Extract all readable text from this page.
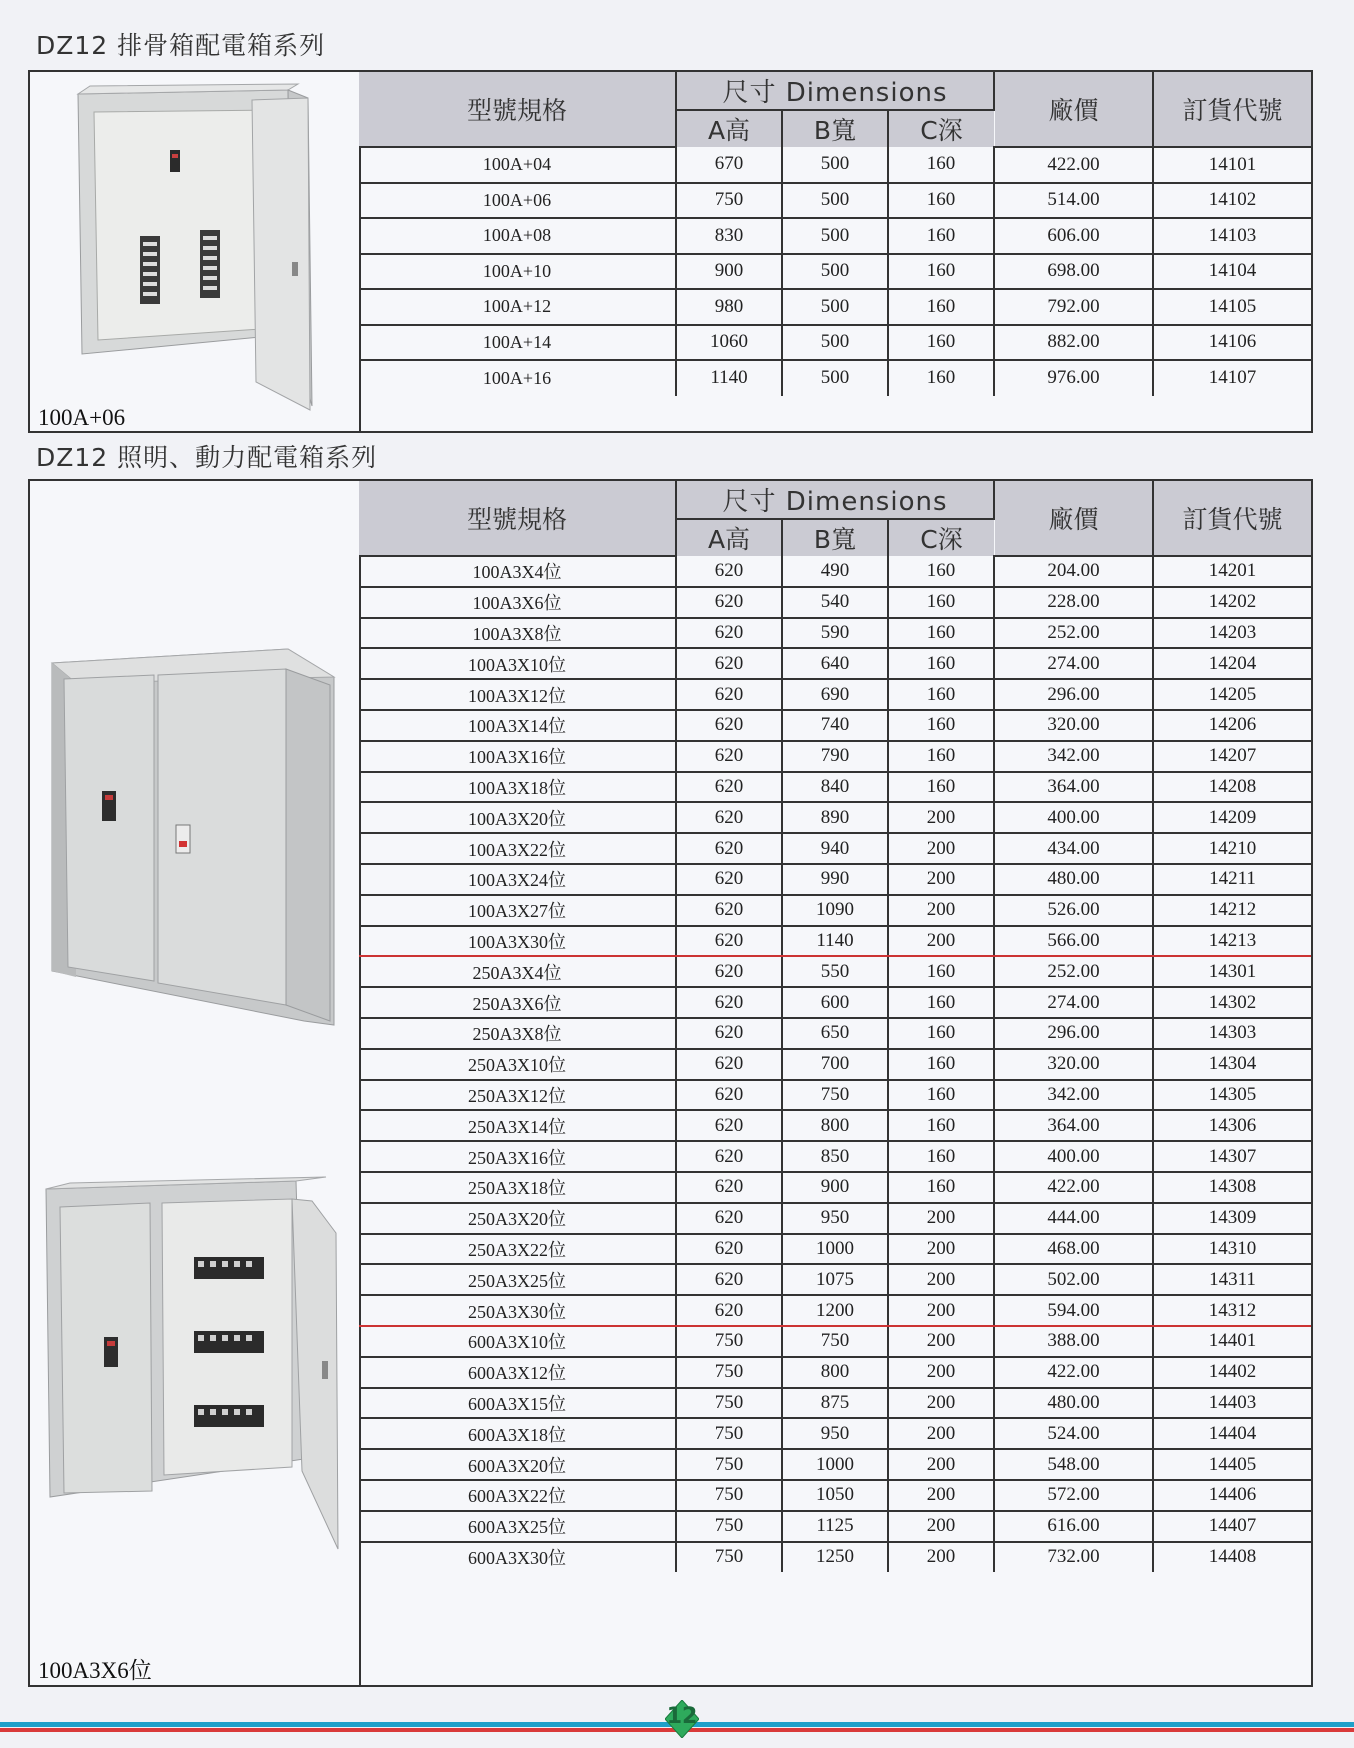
DZ12 排骨箱配電箱系列
100A+06
型號規格	尺寸 Dimensions			廠價	訂貨代號
	A高	B寬	C深		
100A+04	670	500	160	422.00	14101
100A+06	750	500	160	514.00	14102
100A+08	830	500	160	606.00	14103
100A+10	900	500	160	698.00	14104
100A+12	980	500	160	792.00	14105
100A+14	1060	500	160	882.00	14106
100A+16	1140	500	160	976.00	14107
DZ12 照明、動力配電箱系列
100A3X6位
型號規格	尺寸 Dimensions			廠價	訂貨代號
	A高	B寬	C深		
100A3X4位	620	490	160	204.00	14201
100A3X6位	620	540	160	228.00	14202
100A3X8位	620	590	160	252.00	14203
100A3X10位	620	640	160	274.00	14204
100A3X12位	620	690	160	296.00	14205
100A3X14位	620	740	160	320.00	14206
100A3X16位	620	790	160	342.00	14207
100A3X18位	620	840	160	364.00	14208
100A3X20位	620	890	200	400.00	14209
100A3X22位	620	940	200	434.00	14210
100A3X24位	620	990	200	480.00	14211
100A3X27位	620	1090	200	526.00	14212
100A3X30位	620	1140	200	566.00	14213
250A3X4位	620	550	160	252.00	14301
250A3X6位	620	600	160	274.00	14302
250A3X8位	620	650	160	296.00	14303
250A3X10位	620	700	160	320.00	14304
250A3X12位	620	750	160	342.00	14305
250A3X14位	620	800	160	364.00	14306
250A3X16位	620	850	160	400.00	14307
250A3X18位	620	900	160	422.00	14308
250A3X20位	620	950	200	444.00	14309
250A3X22位	620	1000	200	468.00	14310
250A3X25位	620	1075	200	502.00	14311
250A3X30位	620	1200	200	594.00	14312
600A3X10位	750	750	200	388.00	14401
600A3X12位	750	800	200	422.00	14402
600A3X15位	750	875	200	480.00	14403
600A3X18位	750	950	200	524.00	14404
600A3X20位	750	1000	200	548.00	14405
600A3X22位	750	1050	200	572.00	14406
600A3X25位	750	1125	200	616.00	14407
600A3X30位	750	1250	200	732.00	14408
12
